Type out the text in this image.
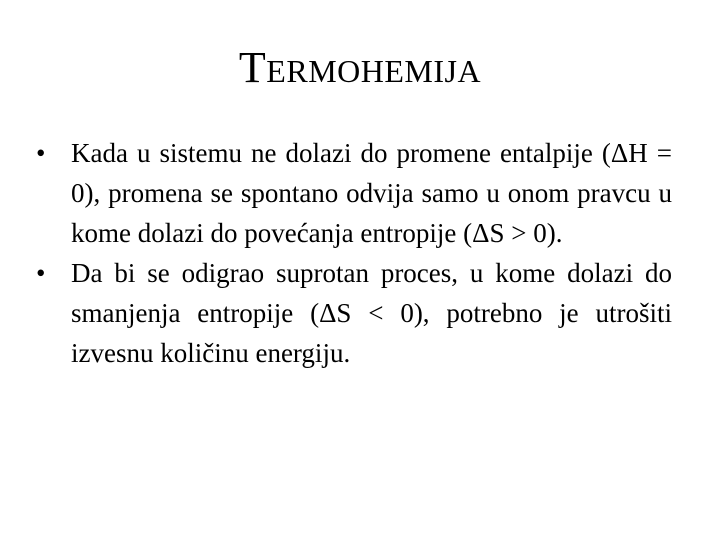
TERMOHEMIJA
• Kada u sistemu ne dolazi do promene entalpije (ΔH = 0), promena se spontano odvija samo u onom pravcu u kome dolazi do povećanja entropije (ΔS > 0).
• Da bi se odigrao suprotan proces, u kome dolazi do smanjenja entropije (ΔS < 0), potrebno je utrošiti izvesnu količinu energiju.
